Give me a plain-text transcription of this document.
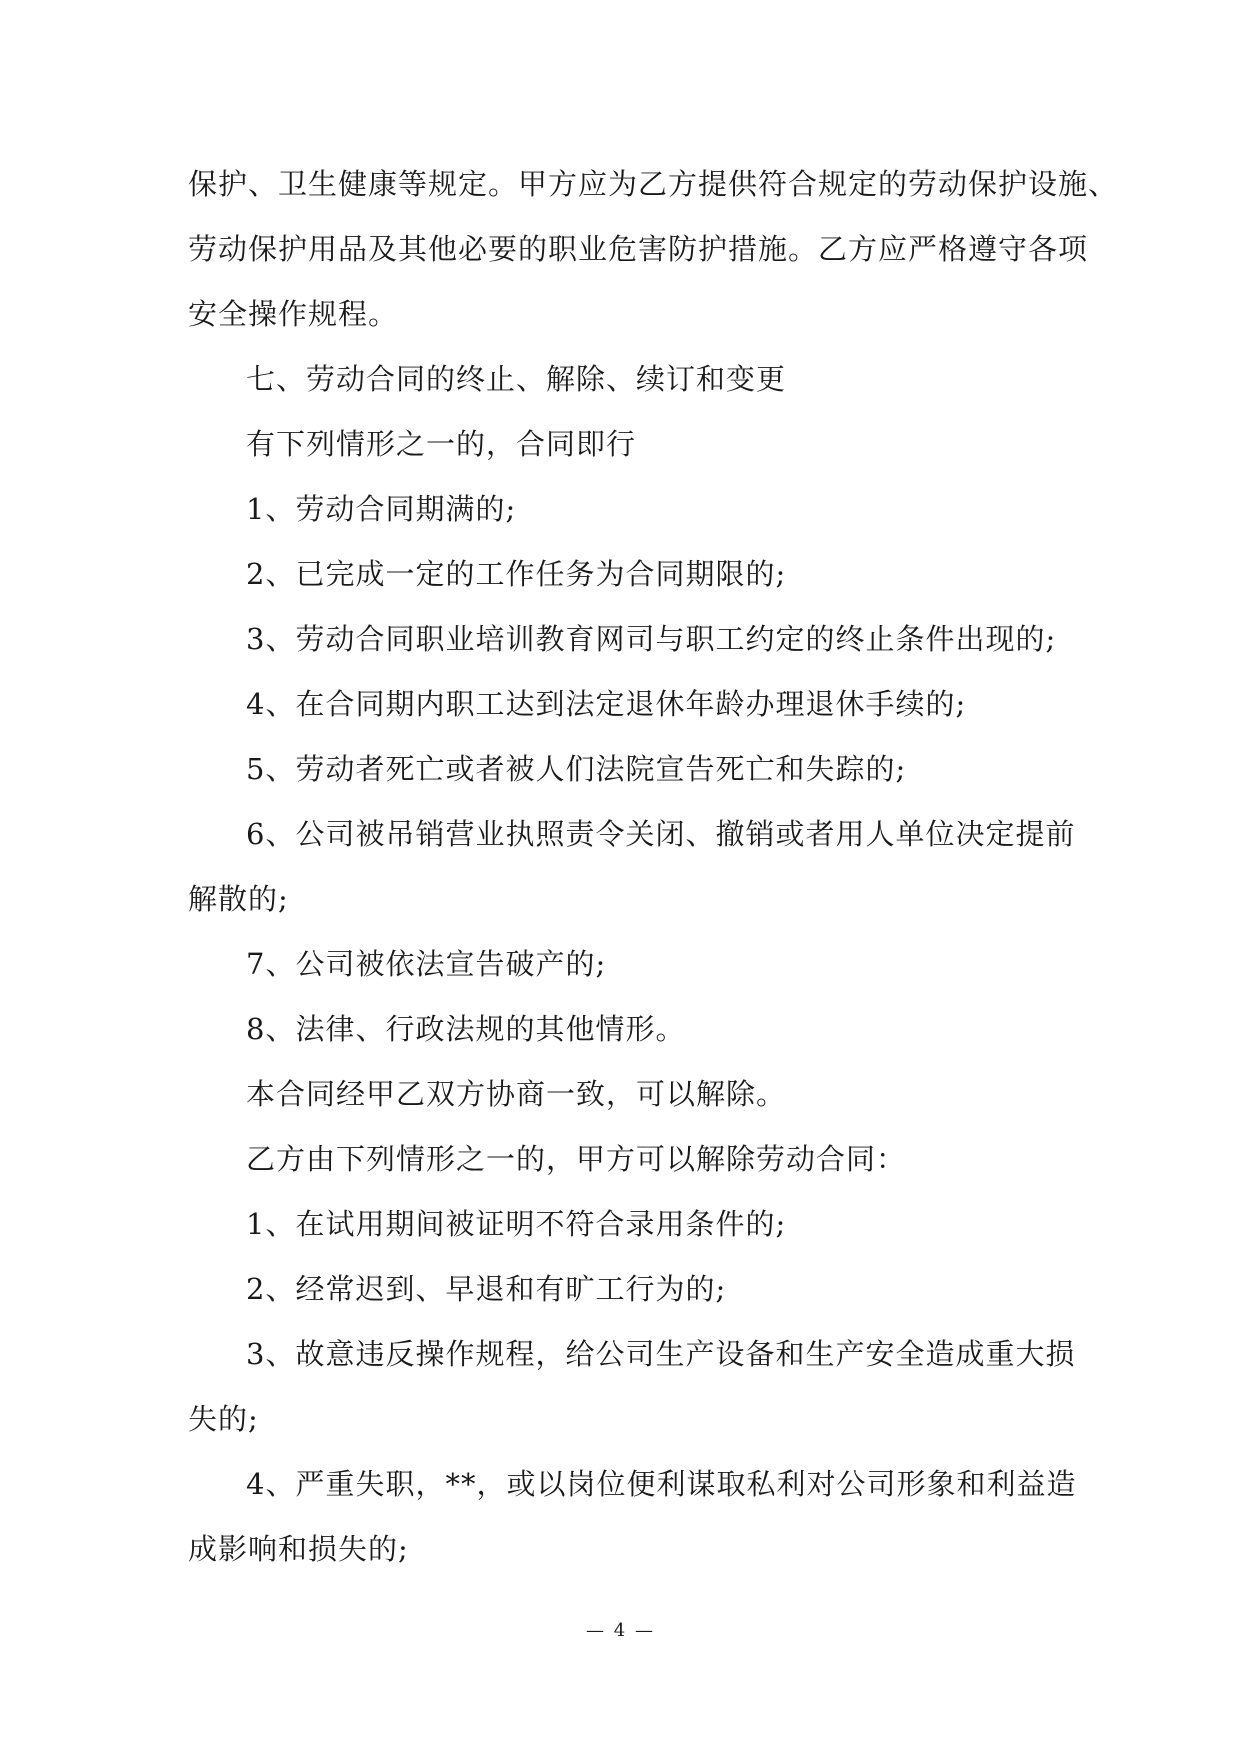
保护、卫生健康等规定。甲方应为乙方提供符合规定的劳动保护设施、
劳动保护用品及其他必要的职业危害防护措施。乙方应严格遵守各项
安全操作规程。
七、劳动合同的终止、解除、续订和变更
有下列情形之一的，合同即行
1、劳动合同期满的;
2、已完成一定的工作任务为合同期限的;
3、劳动合同职业培训教育网司与职工约定的终止条件出现的;
4、在合同期内职工达到法定退休年龄办理退休手续的;
5、劳动者死亡或者被人们法院宣告死亡和失踪的;
6、公司被吊销营业执照责令关闭、撤销或者用人单位决定提前
解散的;
7、公司被依法宣告破产的;
8、法律、行政法规的其他情形。
本合同经甲乙双方协商一致，可以解除。
乙方由下列情形之一的，甲方可以解除劳动合同：
1、在试用期间被证明不符合录用条件的;
2、经常迟到、早退和有旷工行为的;
3、故意违反操作规程，给公司生产设备和生产安全造成重大损
失的;
4、严重失职，**，或以岗位便利谋取私利对公司形象和利益造
成影响和损失的;
— 4 —
